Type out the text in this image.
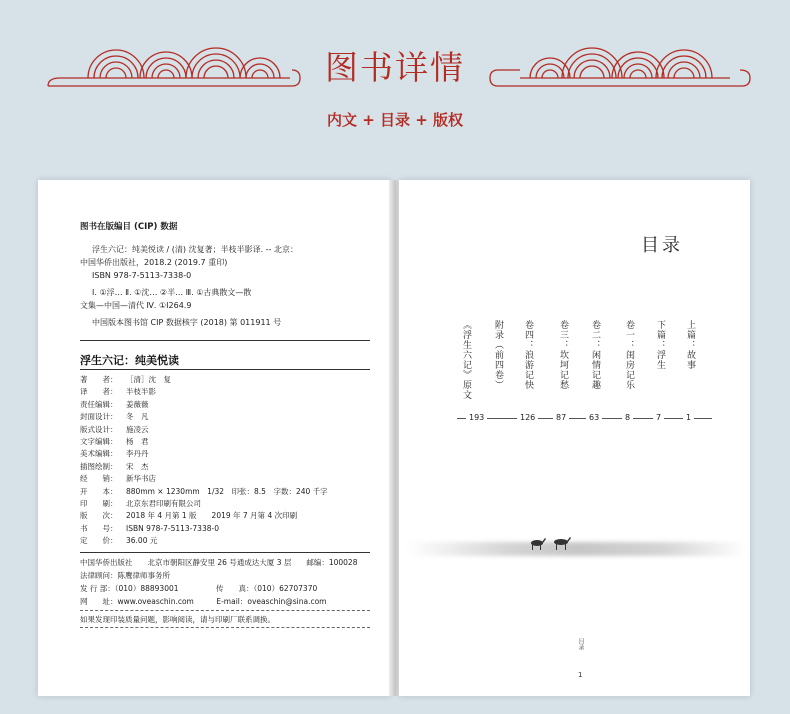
图书详情
内文 + 目录 + 版权
图书在版编目 (CIP) 数据
浮生六记：纯美悦读 / (清) 沈复著；半枝半影译. -- 北京：
中国华侨出版社，2018.2 (2019.7 重印)
ISBN 978-7-5113-7338-0
Ⅰ. ①浮… Ⅱ. ①沈… ②半… Ⅲ. ①古典散文—散
文集—中国—清代 Ⅳ. ①I264.9
中国版本图书馆 CIP 数据核字 (2018) 第 011911 号
浮生六记：纯美悦读
著　　者： ［清］沈　复
译　　者： 半枝半影
责任编辑： 姜薇薇
封面设计： 冬　凡
版式设计： 施凌云
文字编辑： 杨　君
美术编辑： 李丹丹
插图绘制： 宋　杰
经　　销： 新华书店
开　　本： 880mm × 1230mm　1/32　印张：8.5　字数：240 千字
印　　刷： 北京东君印刷有限公司
版　　次： 2018 年 4 月第 1 版　　2019 年 7 月第 4 次印刷
书　　号： ISBN 978-7-5113-7338-0
定　　价： 36.00 元
中国华侨出版社　　北京市朝阳区静安里 26 号通成达大厦 3 层　　邮编：100028
法律顾问：陈鹰律师事务所
发 行 部：（010）88893001　　　　　传　　真：（010）62707370
网　　址：www.oveaschin.com　　　E-mail：oveaschin@sina.com
如果发现印装质量问题，影响阅读，请与印刷厂联系调换。
目录
上篇：故事
下篇：浮生
卷一：闺房记乐
卷二：闲情记趣
卷三：坎坷记愁
卷四：浪游记快
附录（前四卷）
《浮生六记》原文
1
7
8
63
87
126
193
目录
1
